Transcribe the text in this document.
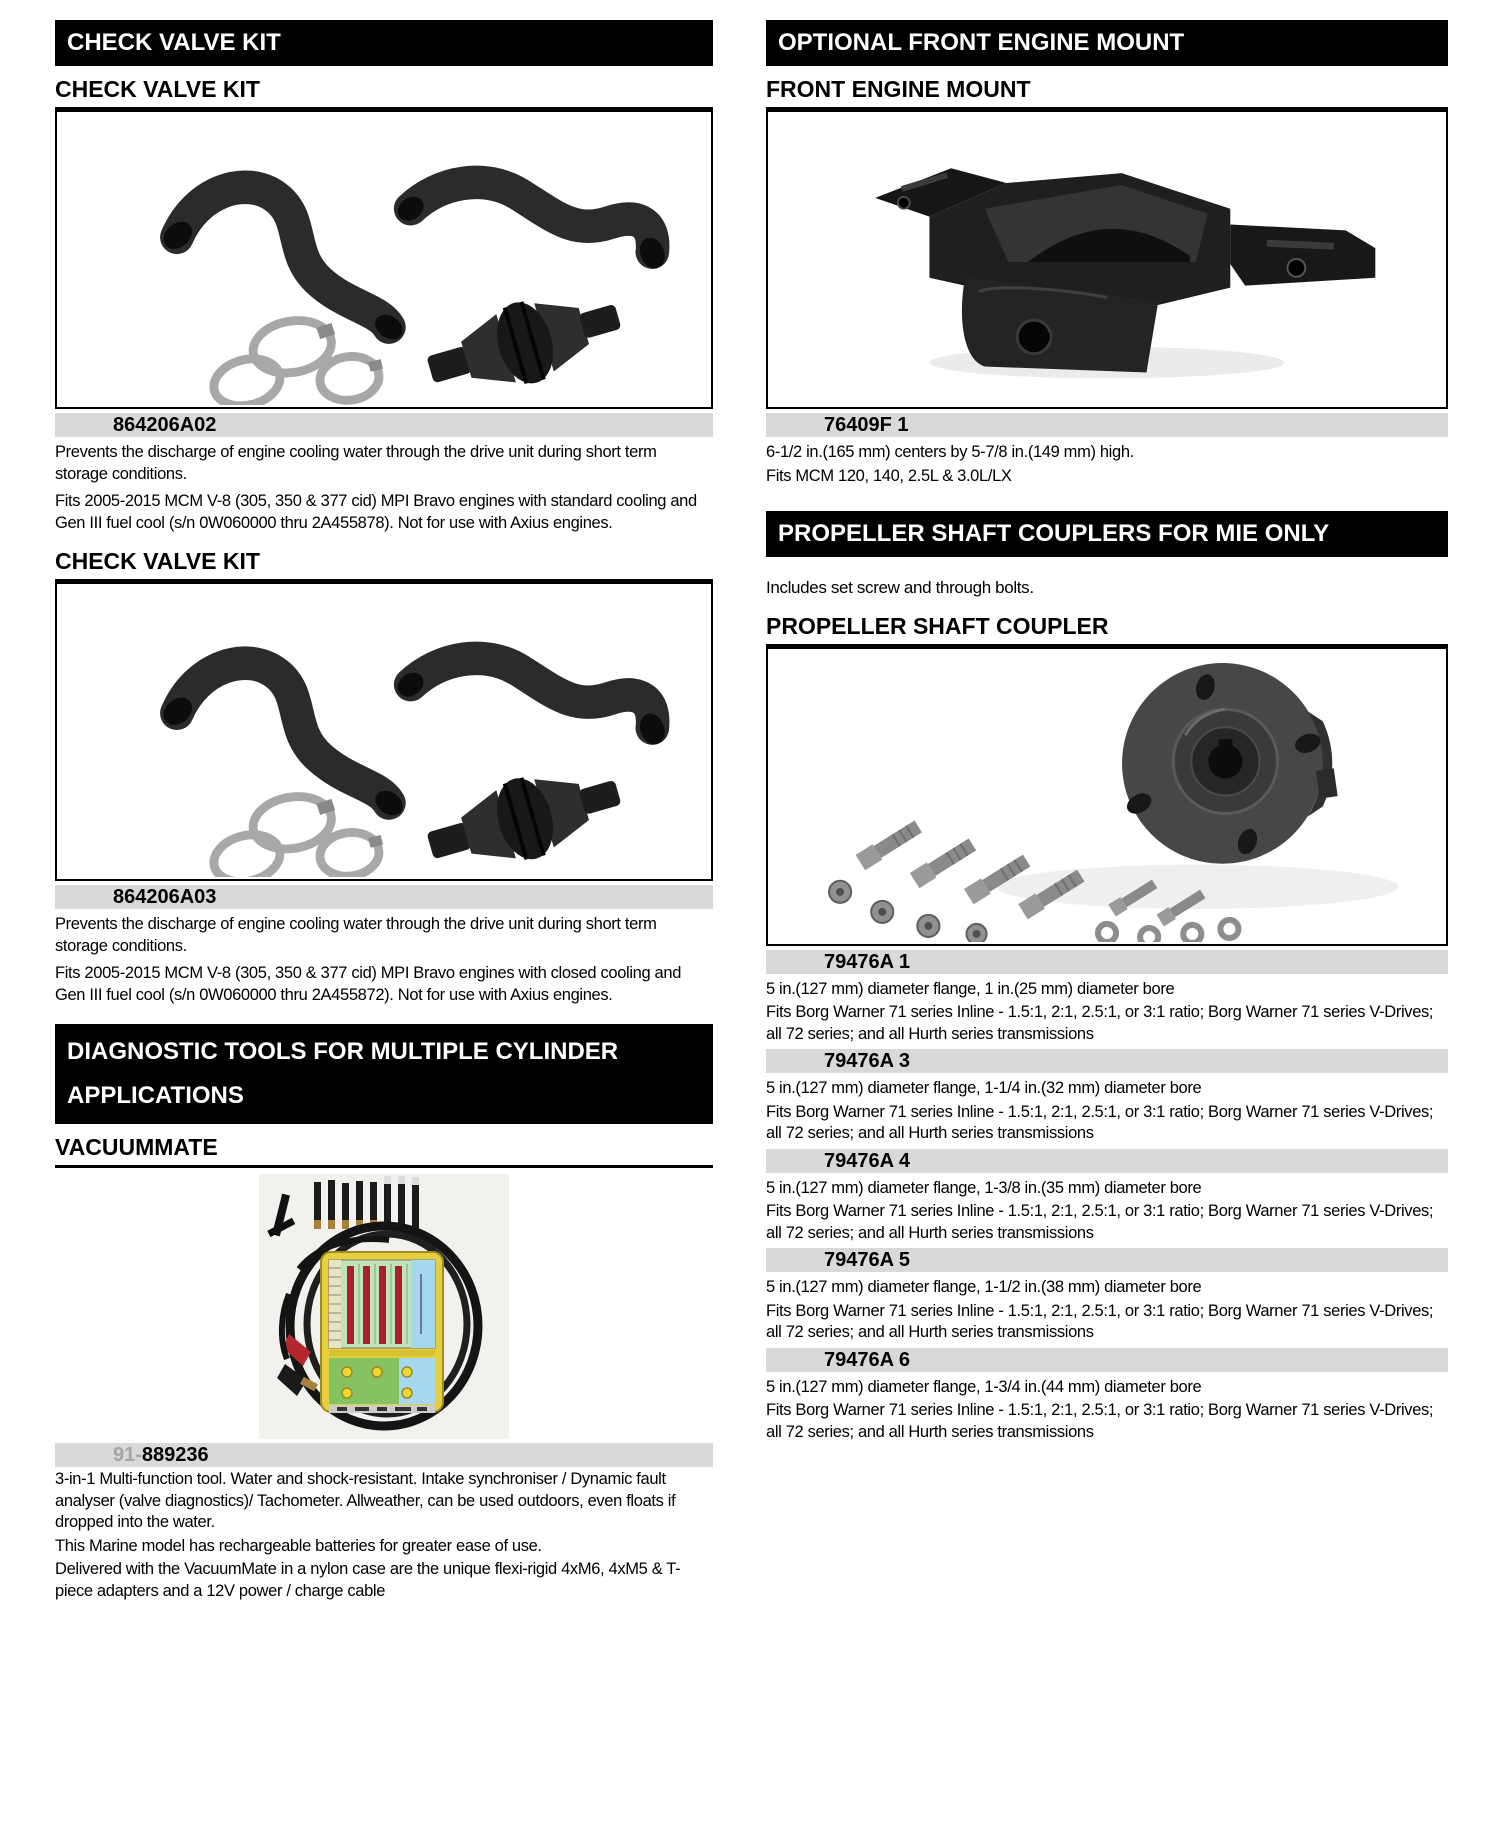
CHECK VALVE KIT
CHECK VALVE KIT
864206A02
Prevents the discharge of engine cooling water through the drive unit during short term storage conditions.
Fits 2005-2015 MCM V-8 (305, 350 & 377 cid) MPI Bravo engines with standard cooling and Gen III fuel cool (s/n 0W060000 thru 2A455878). Not for use with Axius engines.
CHECK VALVE KIT
864206A03
Prevents the discharge of engine cooling water through the drive unit during short term storage conditions.
Fits 2005-2015 MCM V-8 (305, 350 & 377 cid) MPI Bravo engines with closed cooling and Gen III fuel cool (s/n 0W060000 thru 2A455872). Not for use with Axius engines.
DIAGNOSTIC TOOLS FOR MULTIPLE CYLINDER APPLICATIONS
VACUUMMATE
91-889236
3-in-1 Multi-function tool. Water and shock-resistant. Intake synchroniser / Dynamic fault analyser (valve diagnostics)/ Tachometer. Allweather, can be used outdoors, even floats if dropped into the water.
This Marine model has rechargeable batteries for greater ease of use.
Delivered with the VacuumMate in a nylon case are the unique flexi-rigid 4xM6, 4xM5 & T-piece adapters and a 12V power / charge cable
OPTIONAL FRONT ENGINE MOUNT
FRONT ENGINE MOUNT
76409F 1
6-1/2 in.(165 mm) centers by 5-7/8 in.(149 mm) high.
Fits MCM 120, 140, 2.5L & 3.0L/LX
PROPELLER SHAFT COUPLERS FOR MIE ONLY
Includes set screw and through bolts.
PROPELLER SHAFT COUPLER
79476A 1
5 in.(127 mm) diameter flange, 1 in.(25 mm) diameter bore
Fits Borg Warner 71 series Inline - 1.5:1, 2:1, 2.5:1, or 3:1 ratio; Borg Warner 71 series V-Drives; all 72 series; and all Hurth series transmissions
79476A 3
5 in.(127 mm) diameter flange, 1-1/4 in.(32 mm) diameter bore
Fits Borg Warner 71 series Inline - 1.5:1, 2:1, 2.5:1, or 3:1 ratio; Borg Warner 71 series V-Drives; all 72 series; and all Hurth series transmissions
79476A 4
5 in.(127 mm) diameter flange, 1-3/8 in.(35 mm) diameter bore
Fits Borg Warner 71 series Inline - 1.5:1, 2:1, 2.5:1, or 3:1 ratio; Borg Warner 71 series V-Drives; all 72 series; and all Hurth series transmissions
79476A 5
5 in.(127 mm) diameter flange, 1-1/2 in.(38 mm) diameter bore
Fits Borg Warner 71 series Inline - 1.5:1, 2:1, 2.5:1, or 3:1 ratio; Borg Warner 71 series V-Drives; all 72 series; and all Hurth series transmissions
79476A 6
5 in.(127 mm) diameter flange, 1-3/4 in.(44 mm) diameter bore
Fits Borg Warner 71 series Inline - 1.5:1, 2:1, 2.5:1, or 3:1 ratio; Borg Warner 71 series V-Drives; all 72 series; and all Hurth series transmissions
